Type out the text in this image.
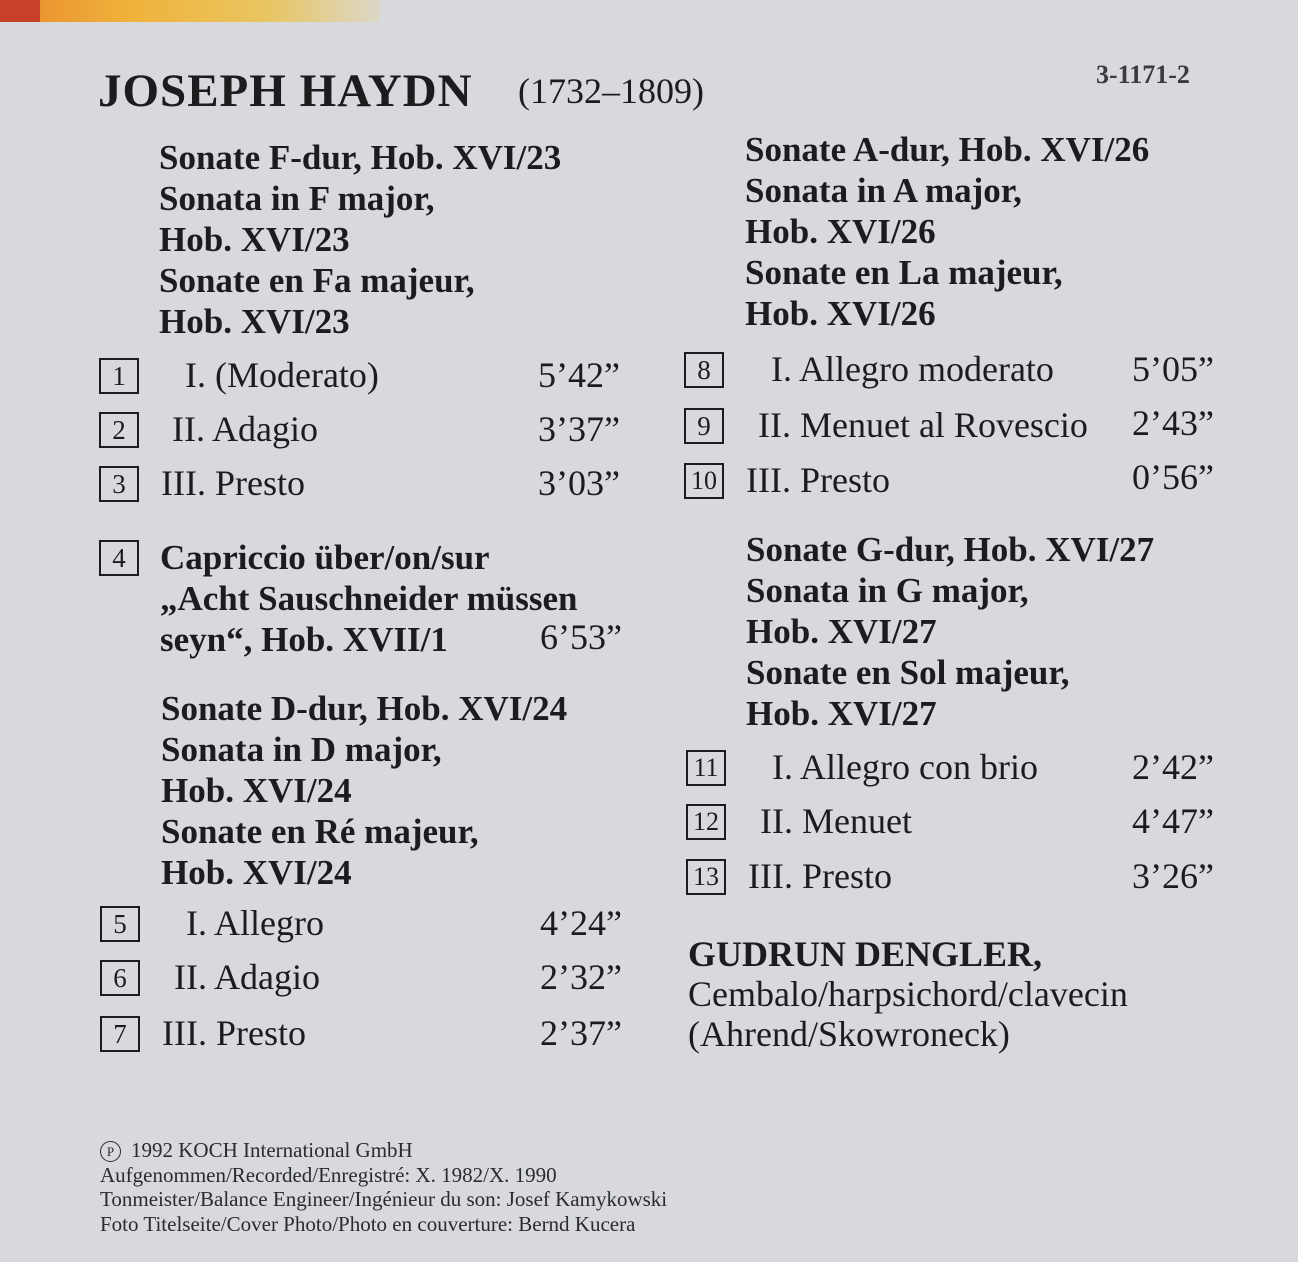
JOSEPH HAYDN (1732–1809)	3-1171-2
Sonate F-dur, Hob. XVI/23
Sonata in F major,
Hob. XVI/23
Sonate en Fa majeur,
Hob. XVI/23
1	I. (Moderato)	5’42”
2	II. Adagio	3’37”
3 III. Presto	3’03”
4 Capriccio über/on/sur
„Acht Sauschneider müssen
seyn“, Hob. XVII/1	6’53”
Sonate D-dur, Hob. XVI/24
Sonata in D major,
Hob. XVI/24
Sonate en Ré majeur,
Hob. XVI/24
5	I. Allegro	4’24”
6	II. Adagio	2’32”
7 III. Presto	2’37”
Sonate A-dur, Hob. XVI/26
Sonata in A major,
Hob. XVI/26
Sonate en La majeur,
Hob. XVI/26
8	I. Allegro moderato 5’05”
9	II. Menuet al Rovescio 2’43”
10 III. Presto	0’56”
Sonate G-dur, Hob. XVI/27
Sonata in G major,
Hob. XVI/27
Sonate en Sol majeur,
Hob. XVI/27
11 I. Allegro con brio	2’42”
12 II. Menuet	4’47”
13 III. Presto	3’26”
GUDRUN DENGLER,
Cembalo/harpsichord/clavecin
(Ahrend/Skowroneck)
P 1992 KOCH International GmbH
Aufgenommen/Recorded/Enregistré: X. 1982/X. 1990
Tonmeister/Balance Engineer/Ingénieur du son: Josef Kamykowski
Foto Titelseite/Cover Photo/Photo en couverture: Bernd Kucera
